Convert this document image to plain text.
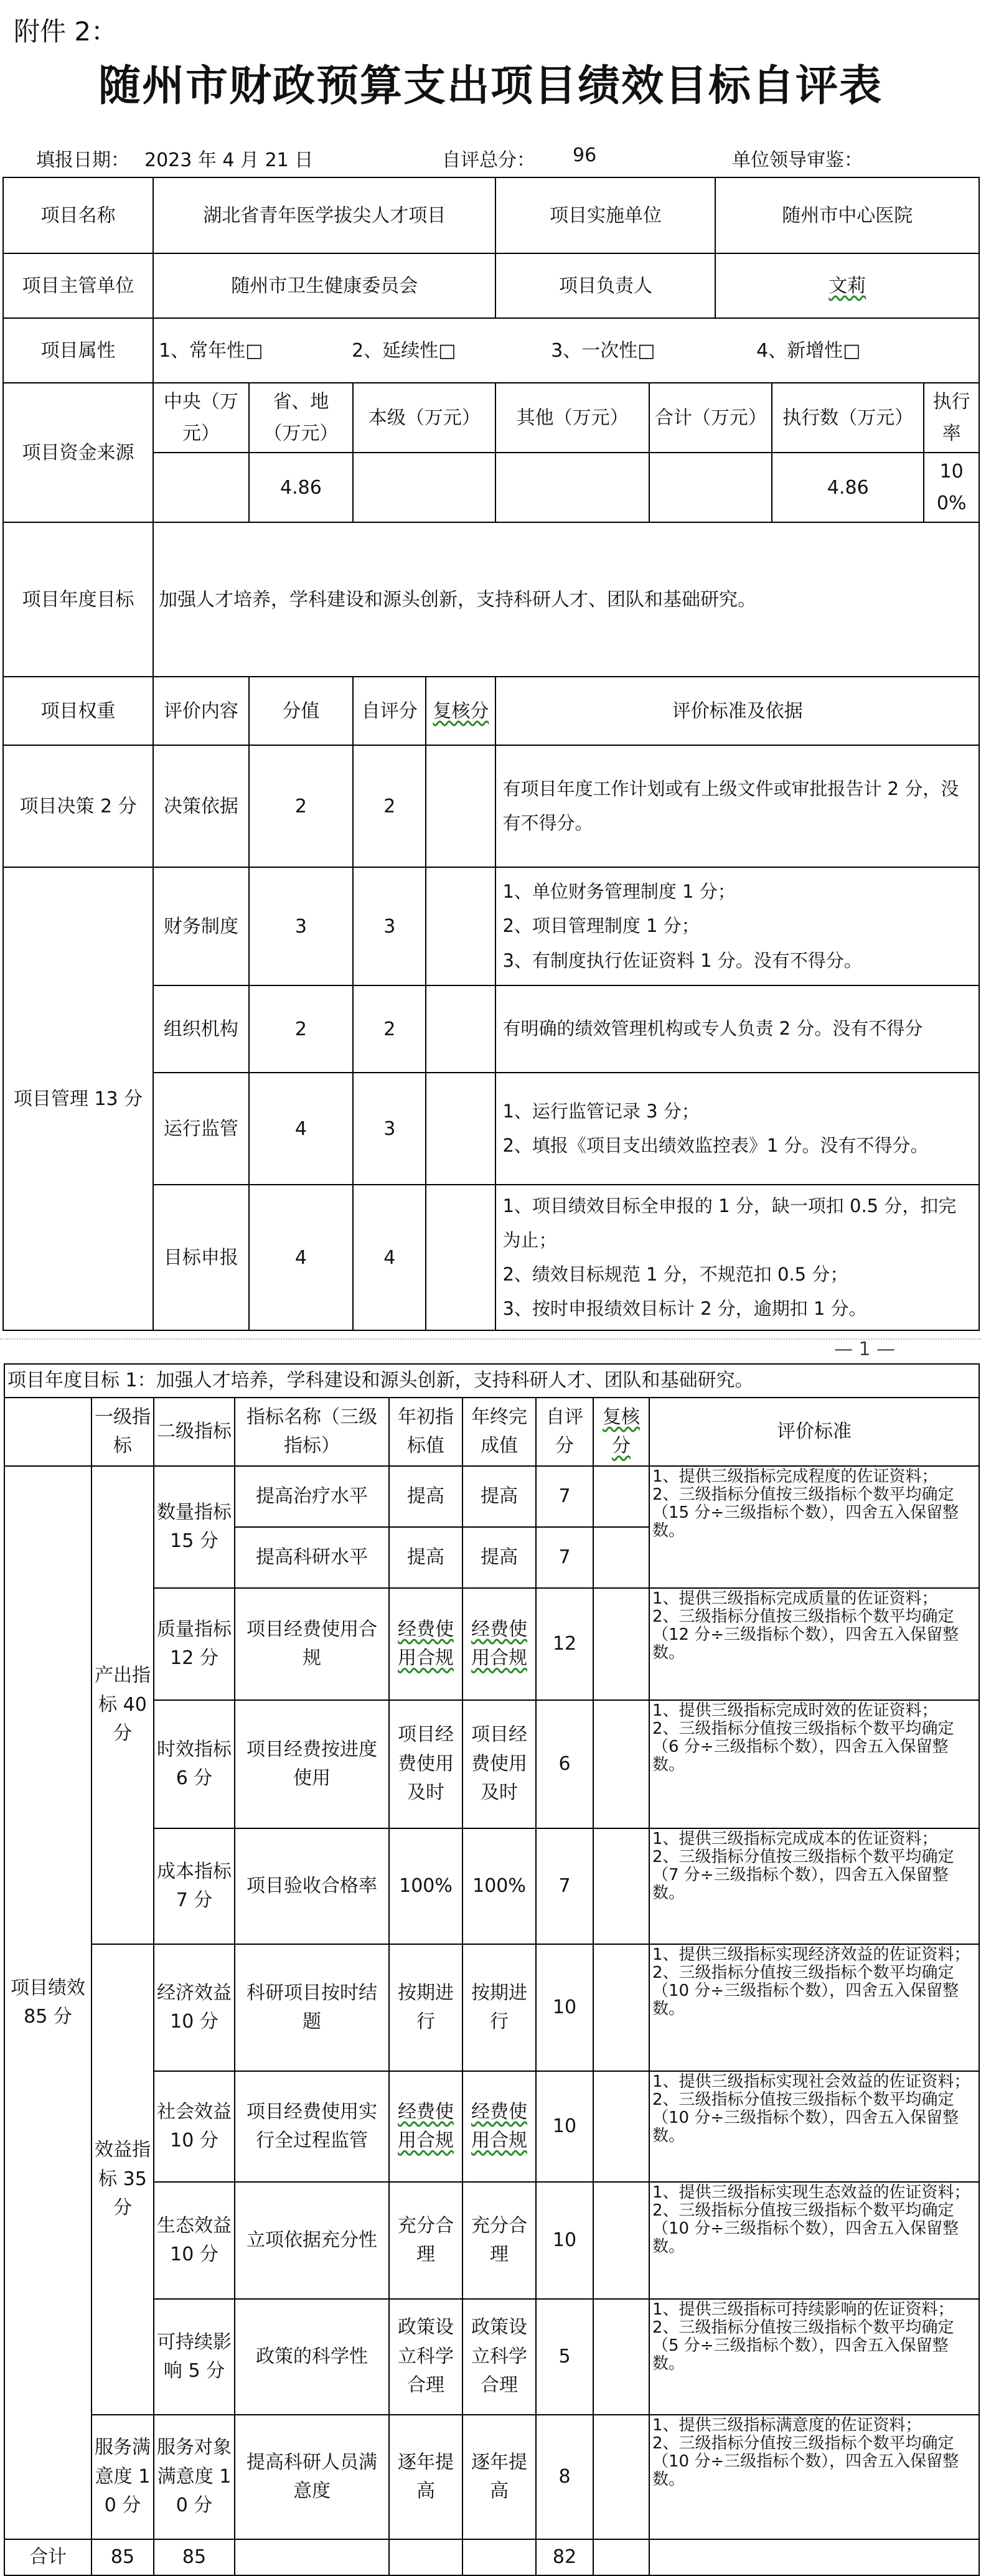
附件 2：
随州市财政预算支出项目绩效目标自评表
填报日期： 2023 年 4 月 21 日	自评总分： 96	单位领导审鉴：
项目名称	湖北省青年医学拔尖人才项目				项目实施单位		随州市中心医院		
项目主管单位	随州市卫生健康委员会				项目负责人		文莉		
项目属性	1、常年性□ 2、延续性□ 3、一次性□ 4、新增性□								
项目资金来源	中央（万元）	省、地（万元）	本级（万元）		其他（万元）	合计（万元）		执行数（万元）	执行率
		4.86						4.86	100%
项目年度目标	加强人才培养，学科建设和源头创新，支持科研人才、团队和基础研究。								
项目权重	评价内容	分值	自评分	复核分	评价标准及依据				
项目决策 2 分	决策依据	2	2		有项目年度工作计划或有上级文件或审批报告计 2 分，没有不得分。				
项目管理 13 分	财务制度	3	3		1、单位财务管理制度 1 分；
2、项目管理制度 1 分；
3、有制度执行佐证资料 1 分。没有不得分。				

	组织机构	2	2		有明确的绩效管理机构或专人负责 2 分。没有不得分				

	运行监管	4	3		1、运行监管记录 3 分；
2、填报《项目支出绩效监控表》1 分。没有不得分。				

	目标申报	4	4		1、项目绩效目标全申报的 1 分，缺一项扣 0.5 分，扣完为止；
2、绩效目标规范 1 分，不规范扣 0.5 分；
3、按时申报绩效目标计 2 分，逾期扣 1 分。				
— 1 —
项目年度目标 1：加强人才培养，学科建设和源头创新，支持科研人才、团队和基础研究。								
	一级指标	二级指标	指标名称（三级指标）	年初指标值	年终完成值	自评分	复核分	评价标准
项目绩效 85 分	产出指标 40 分	数量指标 15 分	提高治疗水平	提高	提高	7		1、提供三级指标完成程度的佐证资料；
2、三级指标分值按三级指标个数平均确定（15 分÷三级指标个数），四舍五入保留整数。
			提高科研水平	提高	提高	7		
		质量指标 12 分	项目经费使用合规	经费使用合规	经费使用合规	12		1、提供三级指标完成质量的佐证资料；
2、三级指标分值按三级指标个数平均确定（12 分÷三级指标个数），四舍五入保留整数。
		时效指标 6 分	项目经费按进度使用	项目经费使用及时	项目经费使用及时	6		1、提供三级指标完成时效的佐证资料；
2、三级指标分值按三级指标个数平均确定（6 分÷三级指标个数），四舍五入保留整数。
		成本指标 7 分	项目验收合格率	100%	100%	7		1、提供三级指标完成成本的佐证资料；
2、三级指标分值按三级指标个数平均确定（7 分÷三级指标个数），四舍五入保留整数。
	效益指标 35 分	经济效益 10 分	科研项目按时结题	按期进行	按期进行	10		1、提供三级指标实现经济效益的佐证资料；
2、三级指标分值按三级指标个数平均确定（10 分÷三级指标个数），四舍五入保留整数。
		社会效益 10 分	项目经费使用实行全过程监管	经费使用合规	经费使用合规	10		1、提供三级指标实现社会效益的佐证资料；
2、三级指标分值按三级指标个数平均确定（10 分÷三级指标个数），四舍五入保留整数。
		生态效益 10 分	立项依据充分性	充分合理	充分合理	10		1、提供三级指标实现生态效益的佐证资料；
2、三级指标分值按三级指标个数平均确定（10 分÷三级指标个数），四舍五入保留整数。
		可持续影响 5 分	政策的科学性	政策设立科学合理	政策设立科学合理	5		1、提供三级指标可持续影响的佐证资料；
2、三级指标分值按三级指标个数平均确定（5 分÷三级指标个数），四舍五入保留整数。
	服务满意度 10 分	服务对象满意度 10 分	提高科研人员满意度	逐年提高	逐年提高	8		1、提供三级指标满意度的佐证资料；
2、三级指标分值按三级指标个数平均确定（10 分÷三级指标个数），四舍五入保留整数。
合计	85	85				82		
